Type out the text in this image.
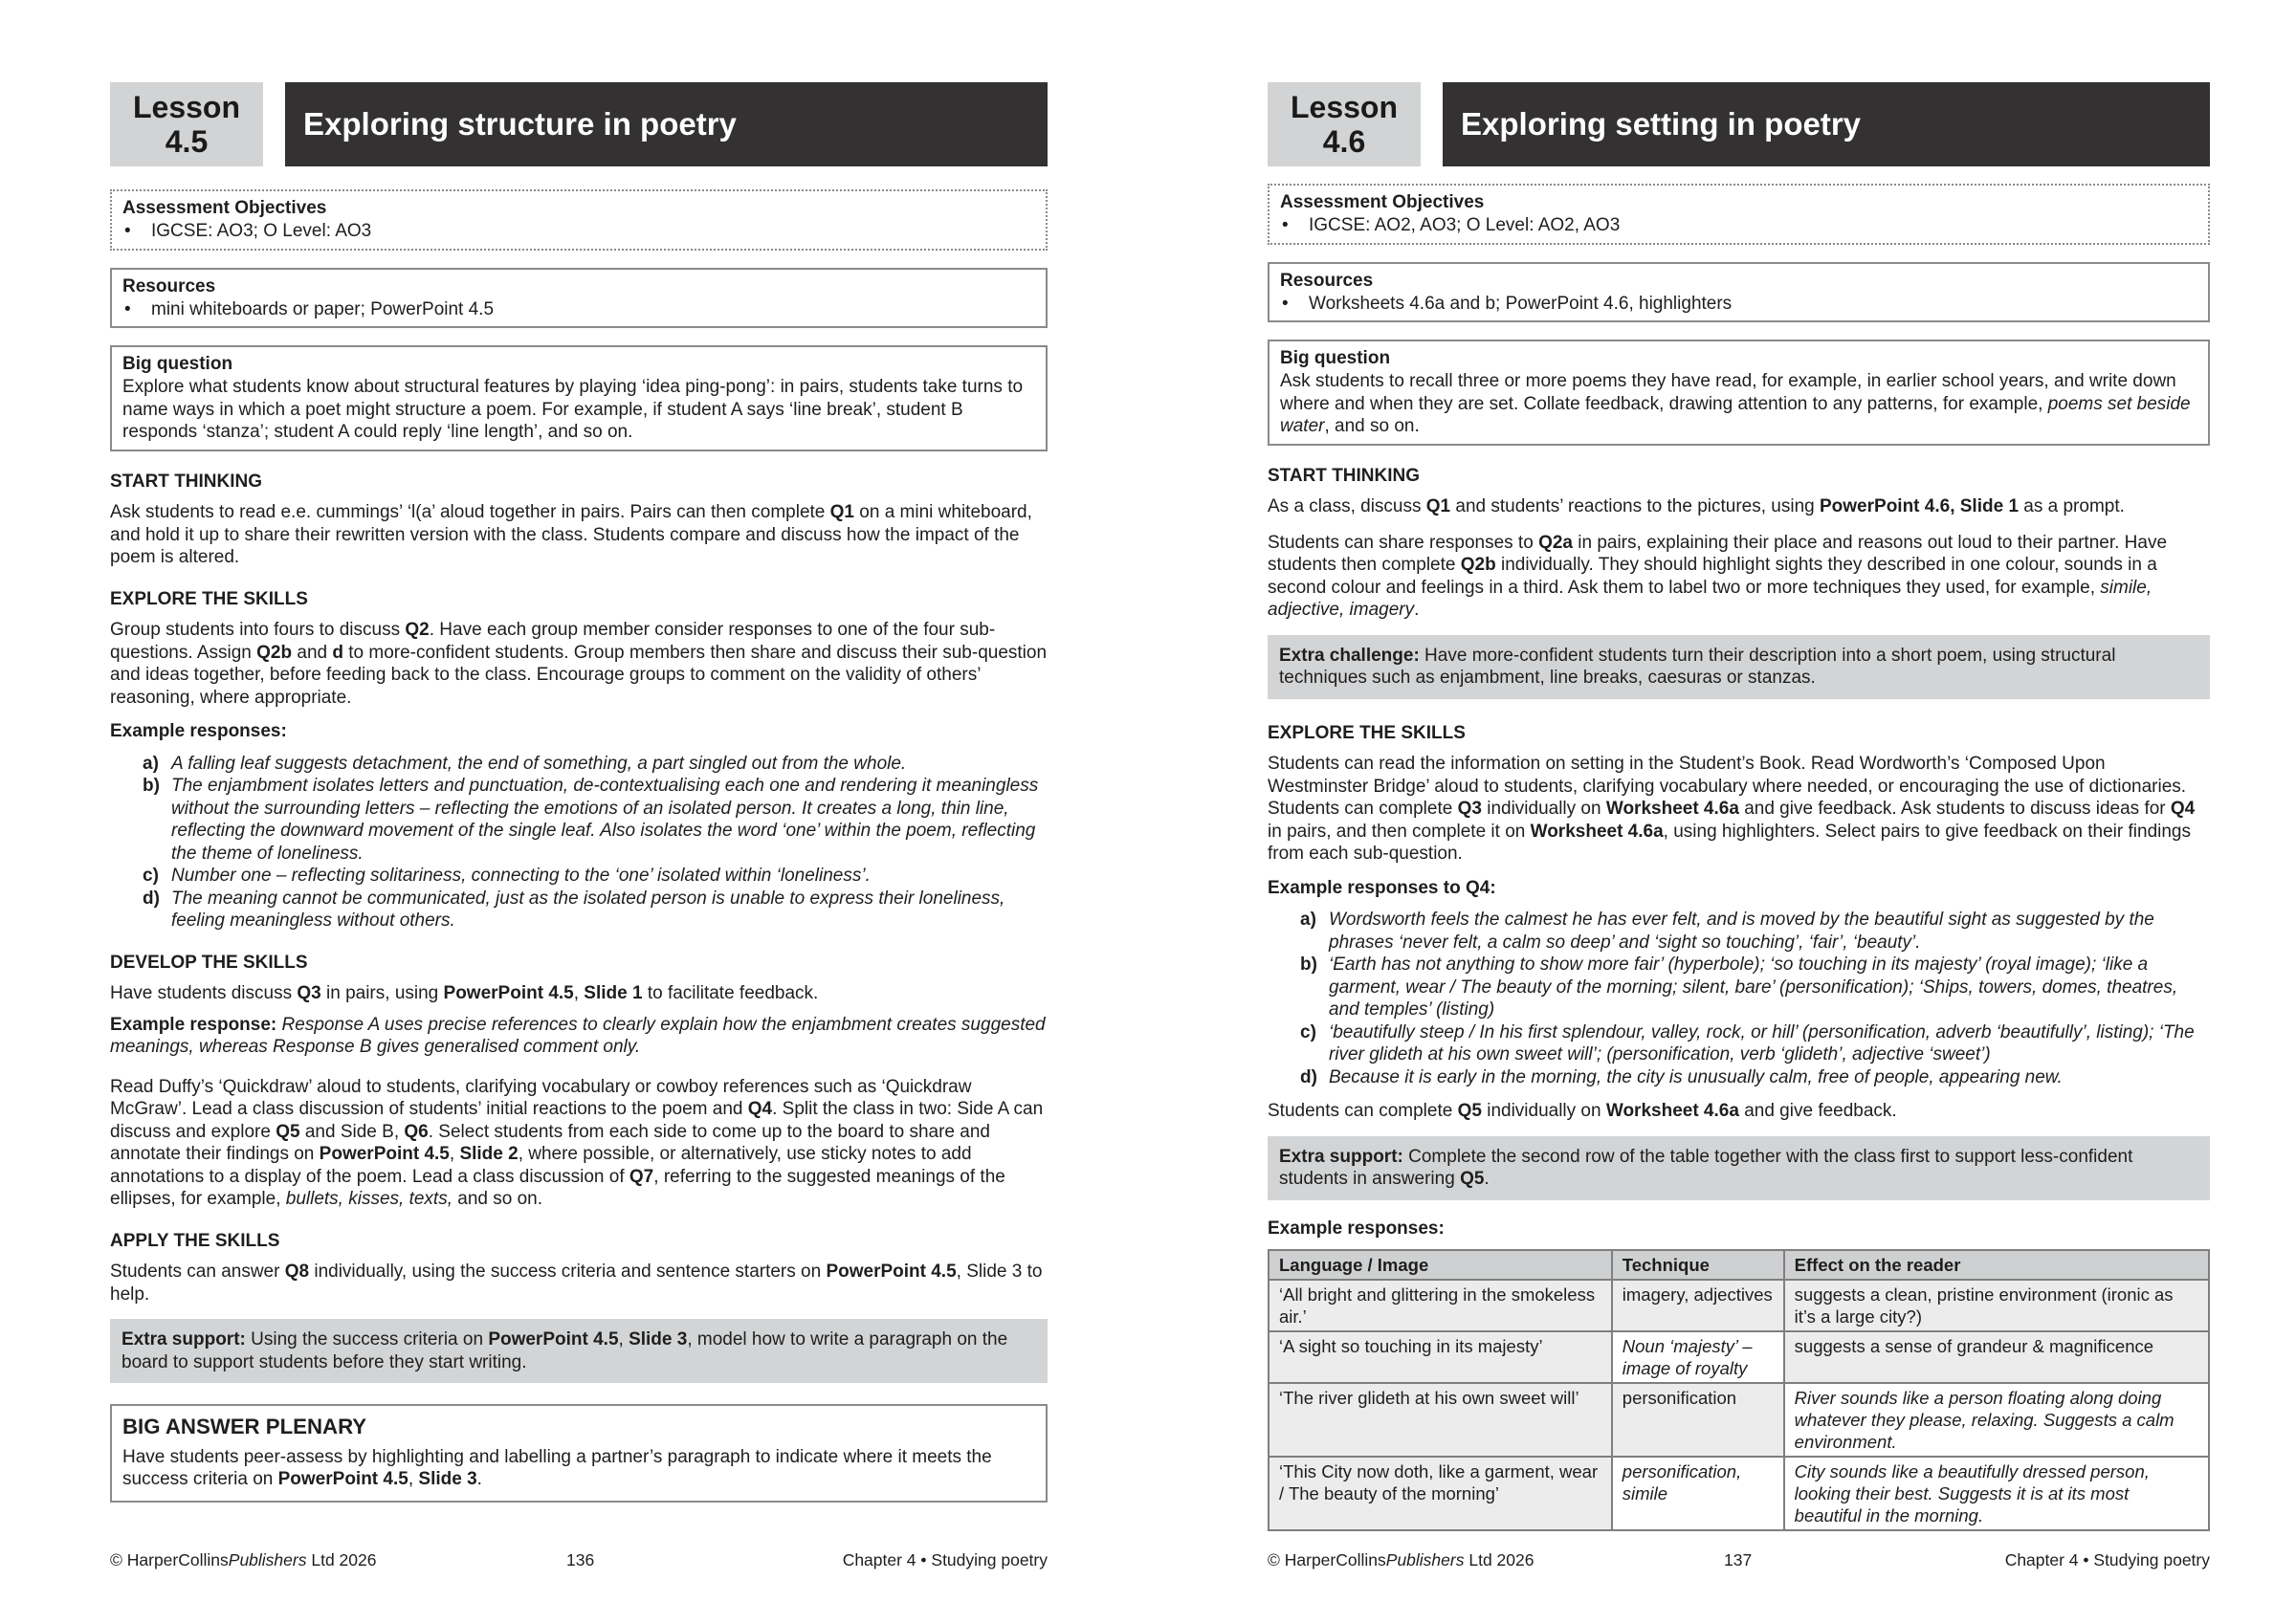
Lesson
4.5	Exploring structure in poetry
Assessment Objectives
•	IGCSE: AO3; O Level: AO3
Resources
•	mini whiteboards or paper; PowerPoint 4.5
Big question
Explore what students know about structural features by playing ‘idea ping-pong’: in pairs, students take turns to name ways in which a poet might structure a poem. For example, if student A says ‘line break’, student B responds ‘stanza’; student A could reply ‘line length’, and so on.
START THINKING

Ask students to read e.e. cummings’ ‘l(a’ aloud together in pairs. Pairs can then complete Q1 on a mini whiteboard, and hold it up to share their rewritten version with the class. Students compare and discuss how the impact of the poem is altered.

EXPLORE THE SKILLS

Group students into fours to discuss Q2. Have each group member consider responses to one of the four sub-questions. Assign Q2b and d to more-confident students. Group members then share and discuss their sub-question and ideas together, before feeding back to the class. Encourage groups to comment on the validity of others’ reasoning, where appropriate.

Example responses:
a) A falling leaf suggests detachment, the end of something, a part singled out from the whole.
b) The enjambment isolates letters and punctuation, de-contextualising each one and rendering it meaningless without the surrounding letters – reflecting the emotions of an isolated person. It creates a long, thin line, reflecting the downward movement of the single leaf. Also isolates the word ‘one’ within the poem, reflecting the theme of loneliness.
c) Number one – reflecting solitariness, connecting to the ‘one’ isolated within ‘loneliness’.
d) The meaning cannot be communicated, just as the isolated person is unable to express their loneliness, feeling meaningless without others.
DEVELOP THE SKILLS

Have students discuss Q3 in pairs, using PowerPoint 4.5, Slide 1 to facilitate feedback.

Example response: Response A uses precise references to clearly explain how the enjambment creates suggested meanings, whereas Response B gives generalised comment only.

Read Duffy’s ‘Quickdraw’ aloud to students, clarifying vocabulary or cowboy references such as ‘Quickdraw McGraw’. Lead a class discussion of students’ initial reactions to the poem and Q4. Split the class in two: Side A can discuss and explore Q5 and Side B, Q6. Select students from each side to come up to the board to share and annotate their findings on PowerPoint 4.5, Slide 2, where possible, or alternatively, use sticky notes to add annotations to a display of the poem. Lead a class discussion of Q7, referring to the suggested meanings of the ellipses, for example, bullets, kisses, texts, and so on.

APPLY THE SKILLS

Students can answer Q8 individually, using the success criteria and sentence starters on PowerPoint 4.5, Slide 3 to help.

Extra support: Using the success criteria on PowerPoint 4.5, Slide 3, model how to write a paragraph on the board to support students before they start writing.
BIG ANSWER PLENARY
Have students peer-assess by highlighting and labelling a partner’s paragraph to indicate where it meets the success criteria on PowerPoint 4.5, Slide 3.
© HarperCollinsPublishers Ltd 2026	136	Chapter 4 • Studying poetry
Lesson
4.6	Exploring setting in poetry
Assessment Objectives
•	IGCSE: AO2, AO3; O Level: AO2, AO3
Resources
•	Worksheets 4.6a and b; PowerPoint 4.6, highlighters
Big question
Ask students to recall three or more poems they have read, for example, in earlier school years, and write down where and when they are set. Collate feedback, drawing attention to any patterns, for example, poems set beside water, and so on.
START THINKING

As a class, discuss Q1 and students’ reactions to the pictures, using PowerPoint 4.6, Slide 1 as a prompt.

Students can share responses to Q2a in pairs, explaining their place and reasons out loud to their partner. Have students then complete Q2b individually. They should highlight sights they described in one colour, sounds in a second colour and feelings in a third. Ask them to label two or more techniques they used, for example, simile, adjective, imagery.

Extra challenge: Have more-confident students turn their description into a short poem, using structural techniques such as enjambment, line breaks, caesuras or stanzas.
EXPLORE THE SKILLS

Students can read the information on setting in the Student’s Book. Read Wordworth’s ‘Composed Upon Westminster Bridge’ aloud to students, clarifying vocabulary where needed, or encouraging the use of dictionaries. Students can complete Q3 individually on Worksheet 4.6a and give feedback. Ask students to discuss ideas for Q4 in pairs, and then complete it on Worksheet 4.6a, using highlighters. Select pairs to give feedback on their findings from each sub-question.

Example responses to Q4:
a) Wordsworth feels the calmest he has ever felt, and is moved by the beautiful sight as suggested by the phrases ‘never felt, a calm so deep’ and ‘sight so touching’, ‘fair’, ‘beauty’.
b) ‘Earth has not anything to show more fair’ (hyperbole); ‘so touching in its majesty’ (royal image); ‘like a garment, wear / The beauty of the morning; silent, bare’ (personification); ‘Ships, towers, domes, theatres, and temples’ (listing)
c) ‘beautifully steep / In his first splendour, valley, rock, or hill’ (personification, adverb ‘beautifully’, listing); ‘The river glideth at his own sweet will’; (personification, verb ‘glideth’, adjective ‘sweet’)
d) Because it is early in the morning, the city is unusually calm, free of people, appearing new.

Students can complete Q5 individually on Worksheet 4.6a and give feedback.

Extra support: Complete the second row of the table together with the class first to support less-confident students in answering Q5.
Example responses:
Language / Image	Technique	Effect on the reader
‘All bright and glittering in the smokeless air.’	imagery, adjectives	suggests a clean, pristine environment (ironic as it’s a large city?)
‘A sight so touching in its majesty’	Noun ‘majesty’ – image of royalty	suggests a sense of grandeur & magnificence
‘The river glideth at his own sweet will’	personification	River sounds like a person floating along doing whatever they please, relaxing. Suggests a calm environment.
‘This City now doth, like a garment, wear / The beauty of the morning’	personification, simile	City sounds like a beautifully dressed person, looking their best. Suggests it is at its most beautiful in the morning.
© HarperCollinsPublishers Ltd 2026	137	Chapter 4 • Studying poetry
